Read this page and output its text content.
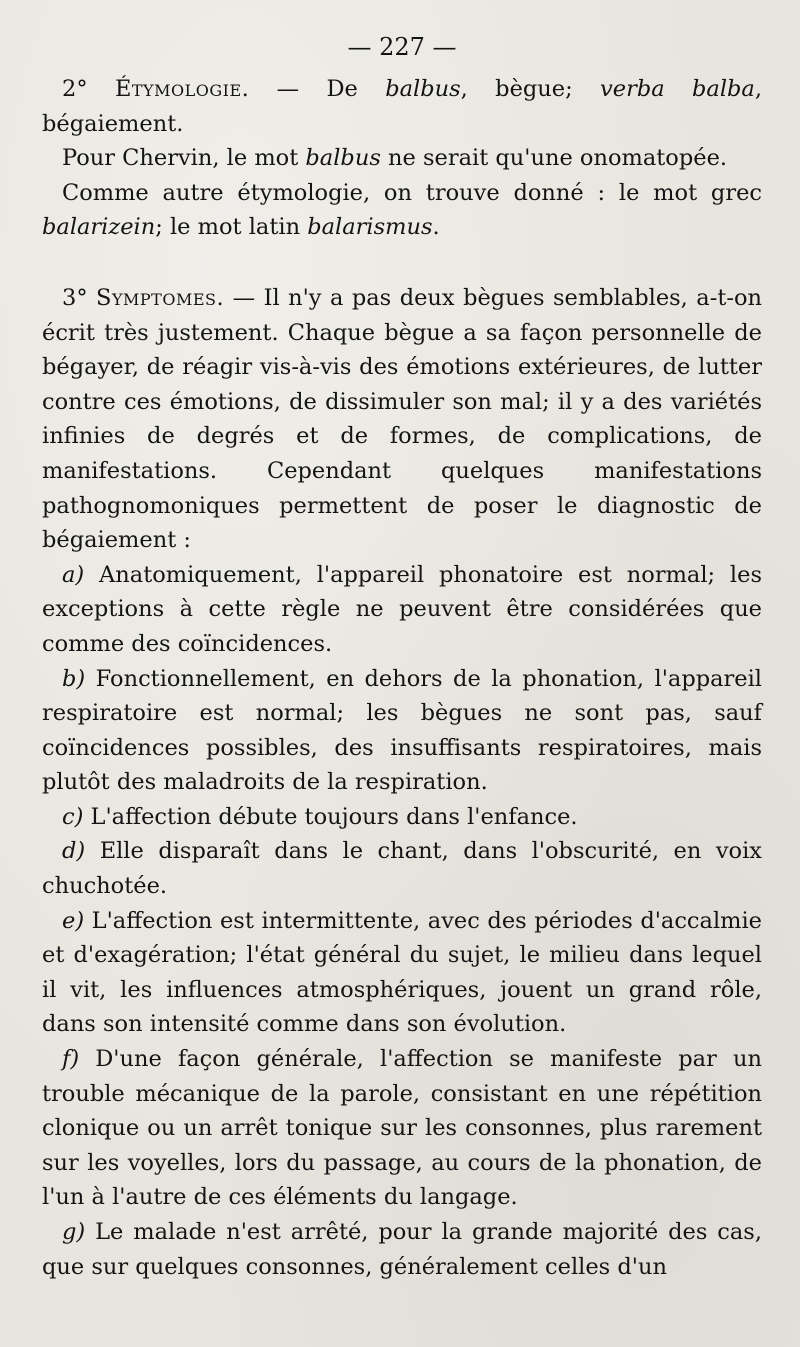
— 227 —

2° Étymologie. — De balbus, bègue; verba balba, bégaiement.

Pour Chervin, le mot balbus ne serait qu'une onomatopée.

Comme autre étymologie, on trouve donné : le mot grec balarizein; le mot latin balarismus.

3° Symptomes. — Il n'y a pas deux bègues semblables, a-t-on écrit très justement. Chaque bègue a sa façon personnelle de bégayer, de réagir vis-à-vis des émotions extérieures, de lutter contre ces émotions, de dissimuler son mal; il y a des variétés infinies de degrés et de formes, de complications, de manifestations. Cependant quelques manifestations pathognomoniques permettent de poser le diagnostic de bégaiement :

a) Anatomiquement, l'appareil phonatoire est normal; les exceptions à cette règle ne peuvent être considérées que comme des coïncidences.

b) Fonctionnellement, en dehors de la phonation, l'appareil respiratoire est normal; les bègues ne sont pas, sauf coïncidences possibles, des insuffisants respiratoires, mais plutôt des maladroits de la respiration.

c) L'affection débute toujours dans l'enfance.

d) Elle disparaît dans le chant, dans l'obscurité, en voix chuchotée.

e) L'affection est intermittente, avec des périodes d'accalmie et d'exagération; l'état général du sujet, le milieu dans lequel il vit, les influences atmosphériques, jouent un grand rôle, dans son intensité comme dans son évolution.

f) D'une façon générale, l'affection se manifeste par un trouble mécanique de la parole, consistant en une répétition clonique ou un arrêt tonique sur les consonnes, plus rarement sur les voyelles, lors du passage, au cours de la phonation, de l'un à l'autre de ces éléments du langage.

g) Le malade n'est arrêté, pour la grande majorité des cas, que sur quelques consonnes, généralement celles d'un
